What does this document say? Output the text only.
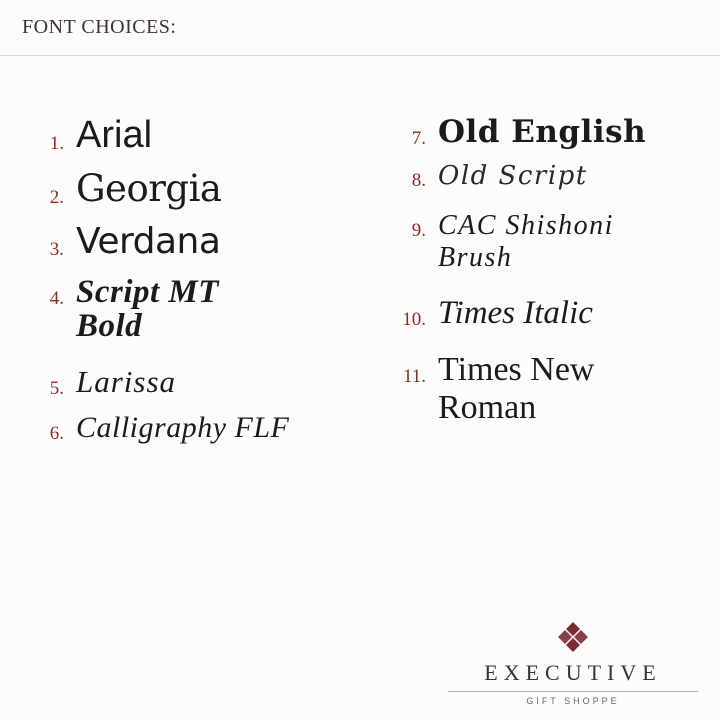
FONT CHOICES:
1. Arial
2. Georgia
3. Verdana
4. Script MT Bold
5. Larissa
6. Calligraphy FLF
7. Old English
8. Old Script
9. CAC Shishoni Brush
10. Times Italic
11. Times New Roman
EXECUTIVE
GIFT SHOPPE
